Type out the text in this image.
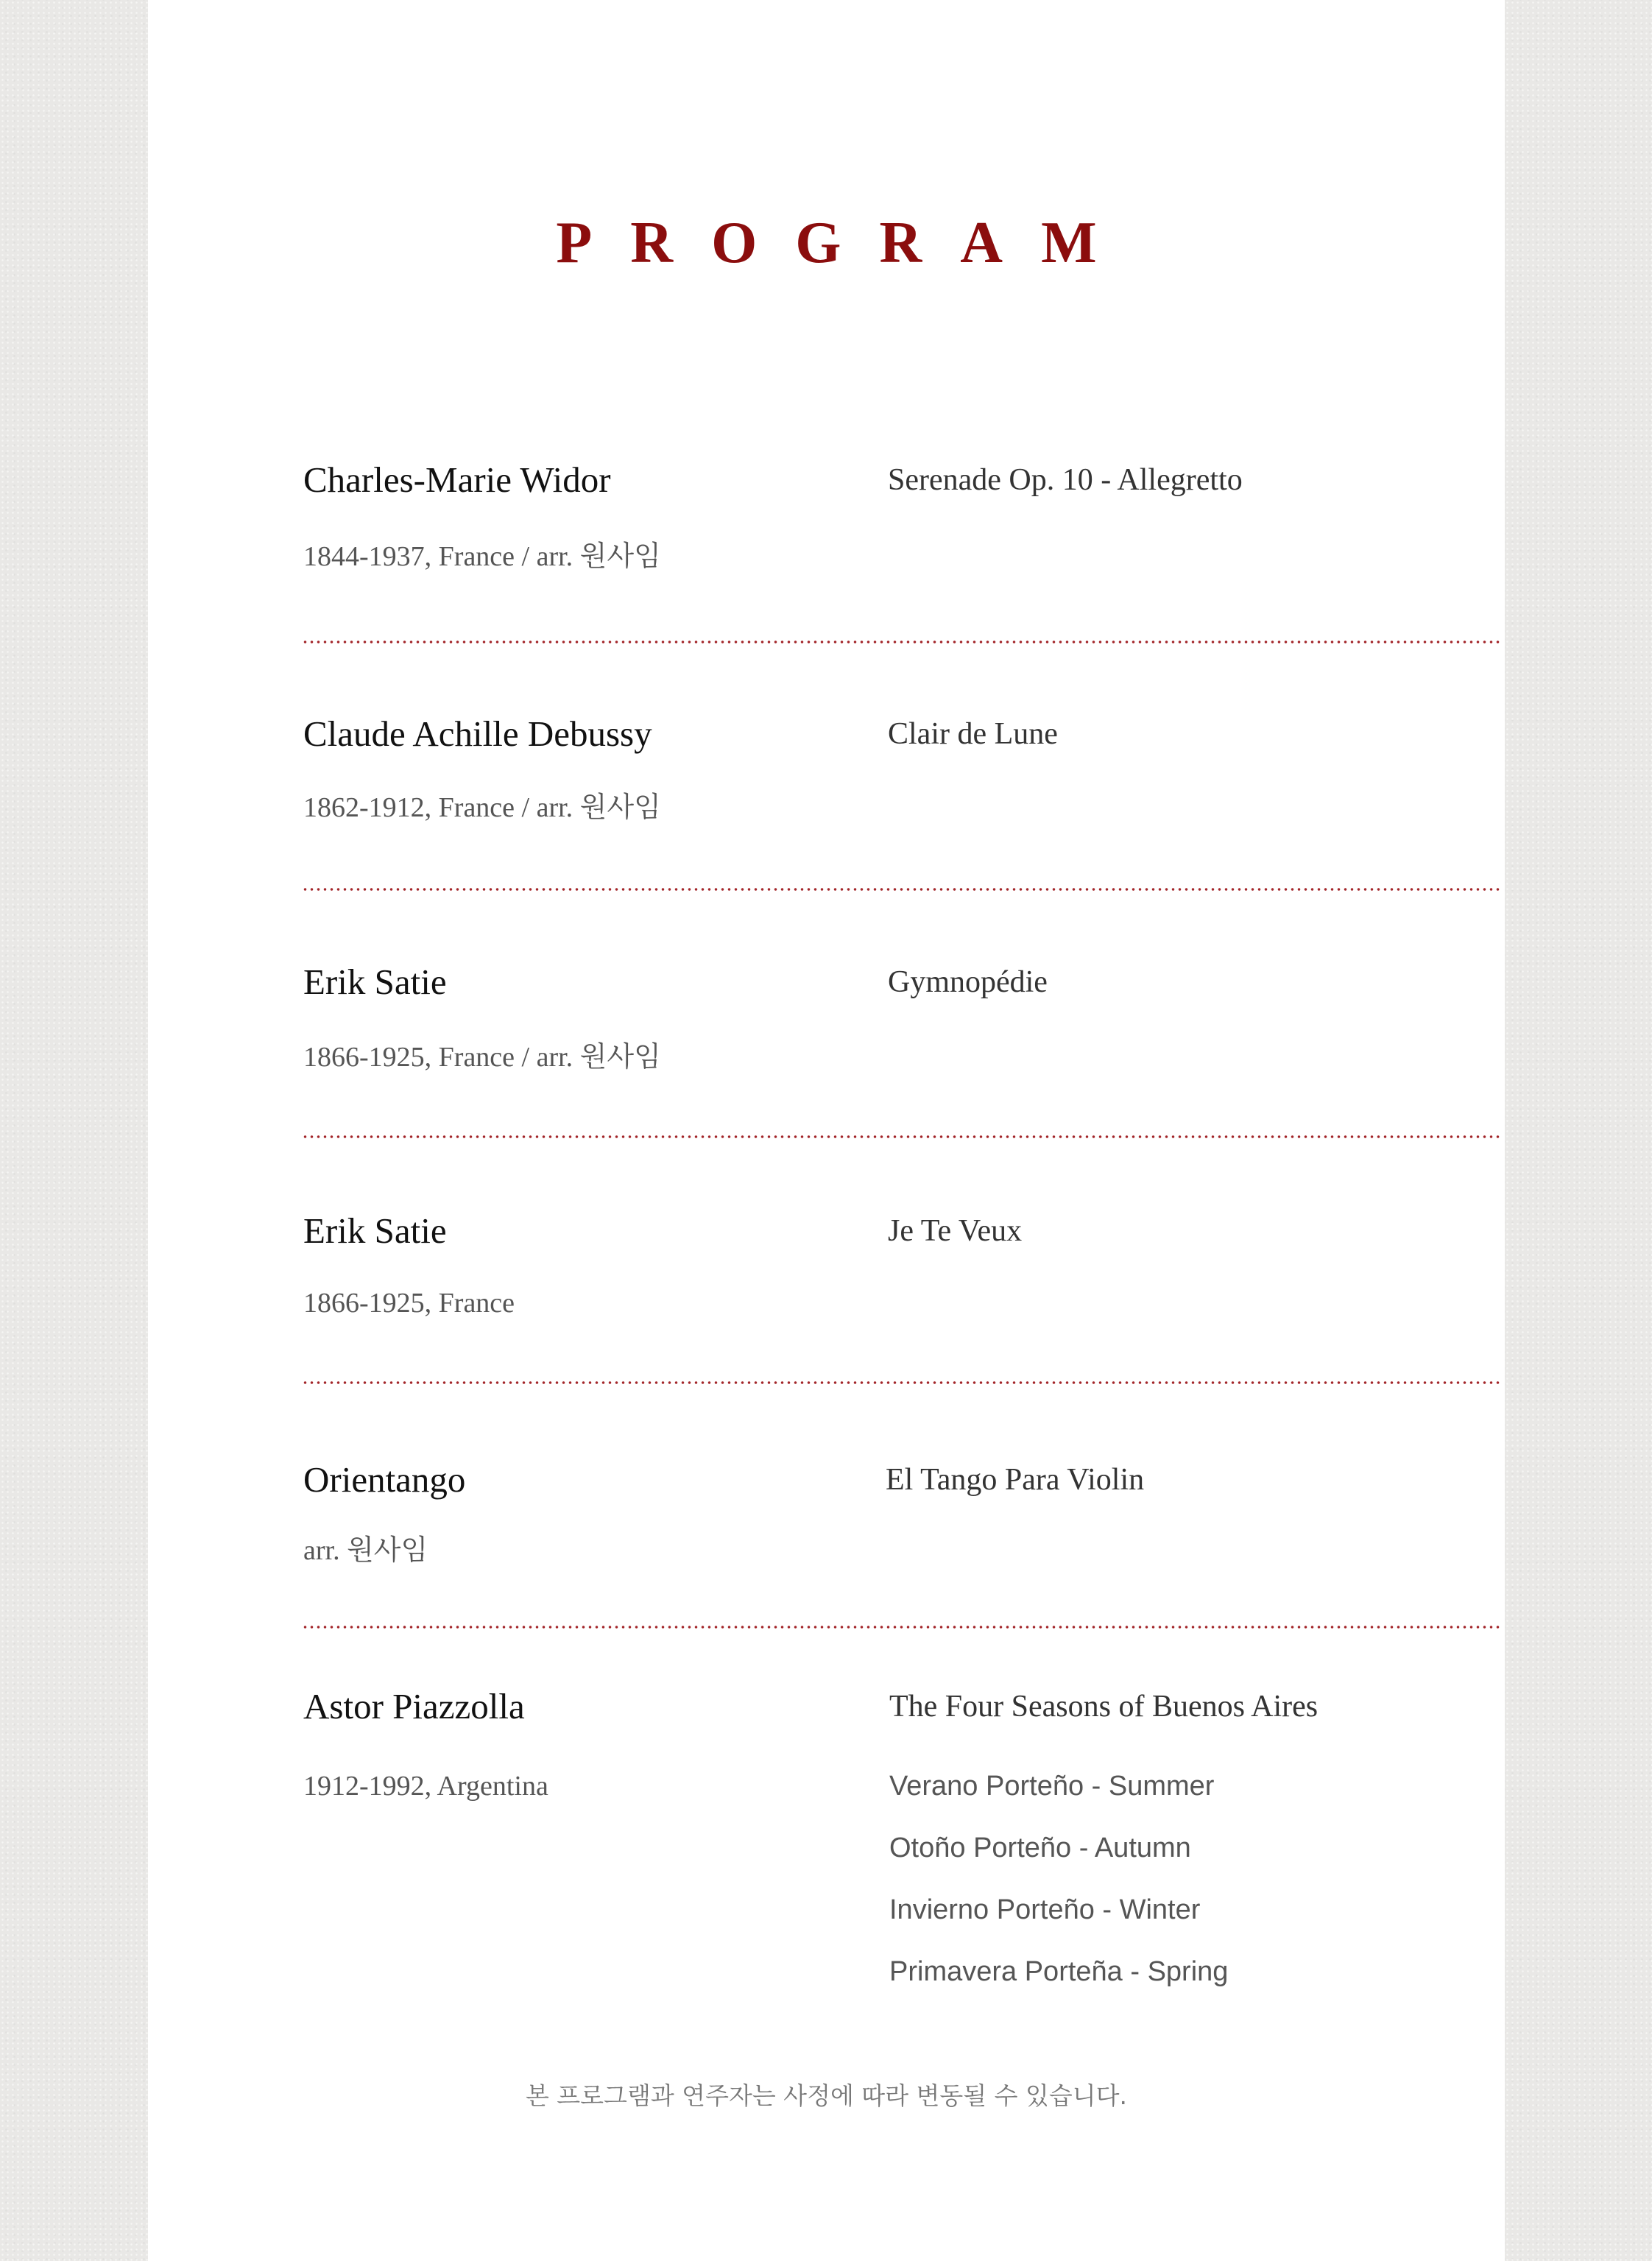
PROGRAM
Charles-Marie Widor	Serenade Op. 10 - Allegretto
1844-1937, France / arr. 원사임
Claude Achille Debussy	Clair de Lune
1862-1912, France / arr. 원사임
Erik Satie	Gymnopédie
1866-1925, France / arr. 원사임
Erik Satie	Je Te Veux
1866-1925, France
Orientango	El Tango Para Violin
arr. 원사임
Astor Piazzolla	The Four Seasons of Buenos Aires
1912-1992, Argentina	Verano Porteño - Summer
Otoño Porteño - Autumn
Invierno Porteño - Winter
Primavera Porteña - Spring
본 프로그램과 연주자는 사정에 따라 변동될 수 있습니다.
